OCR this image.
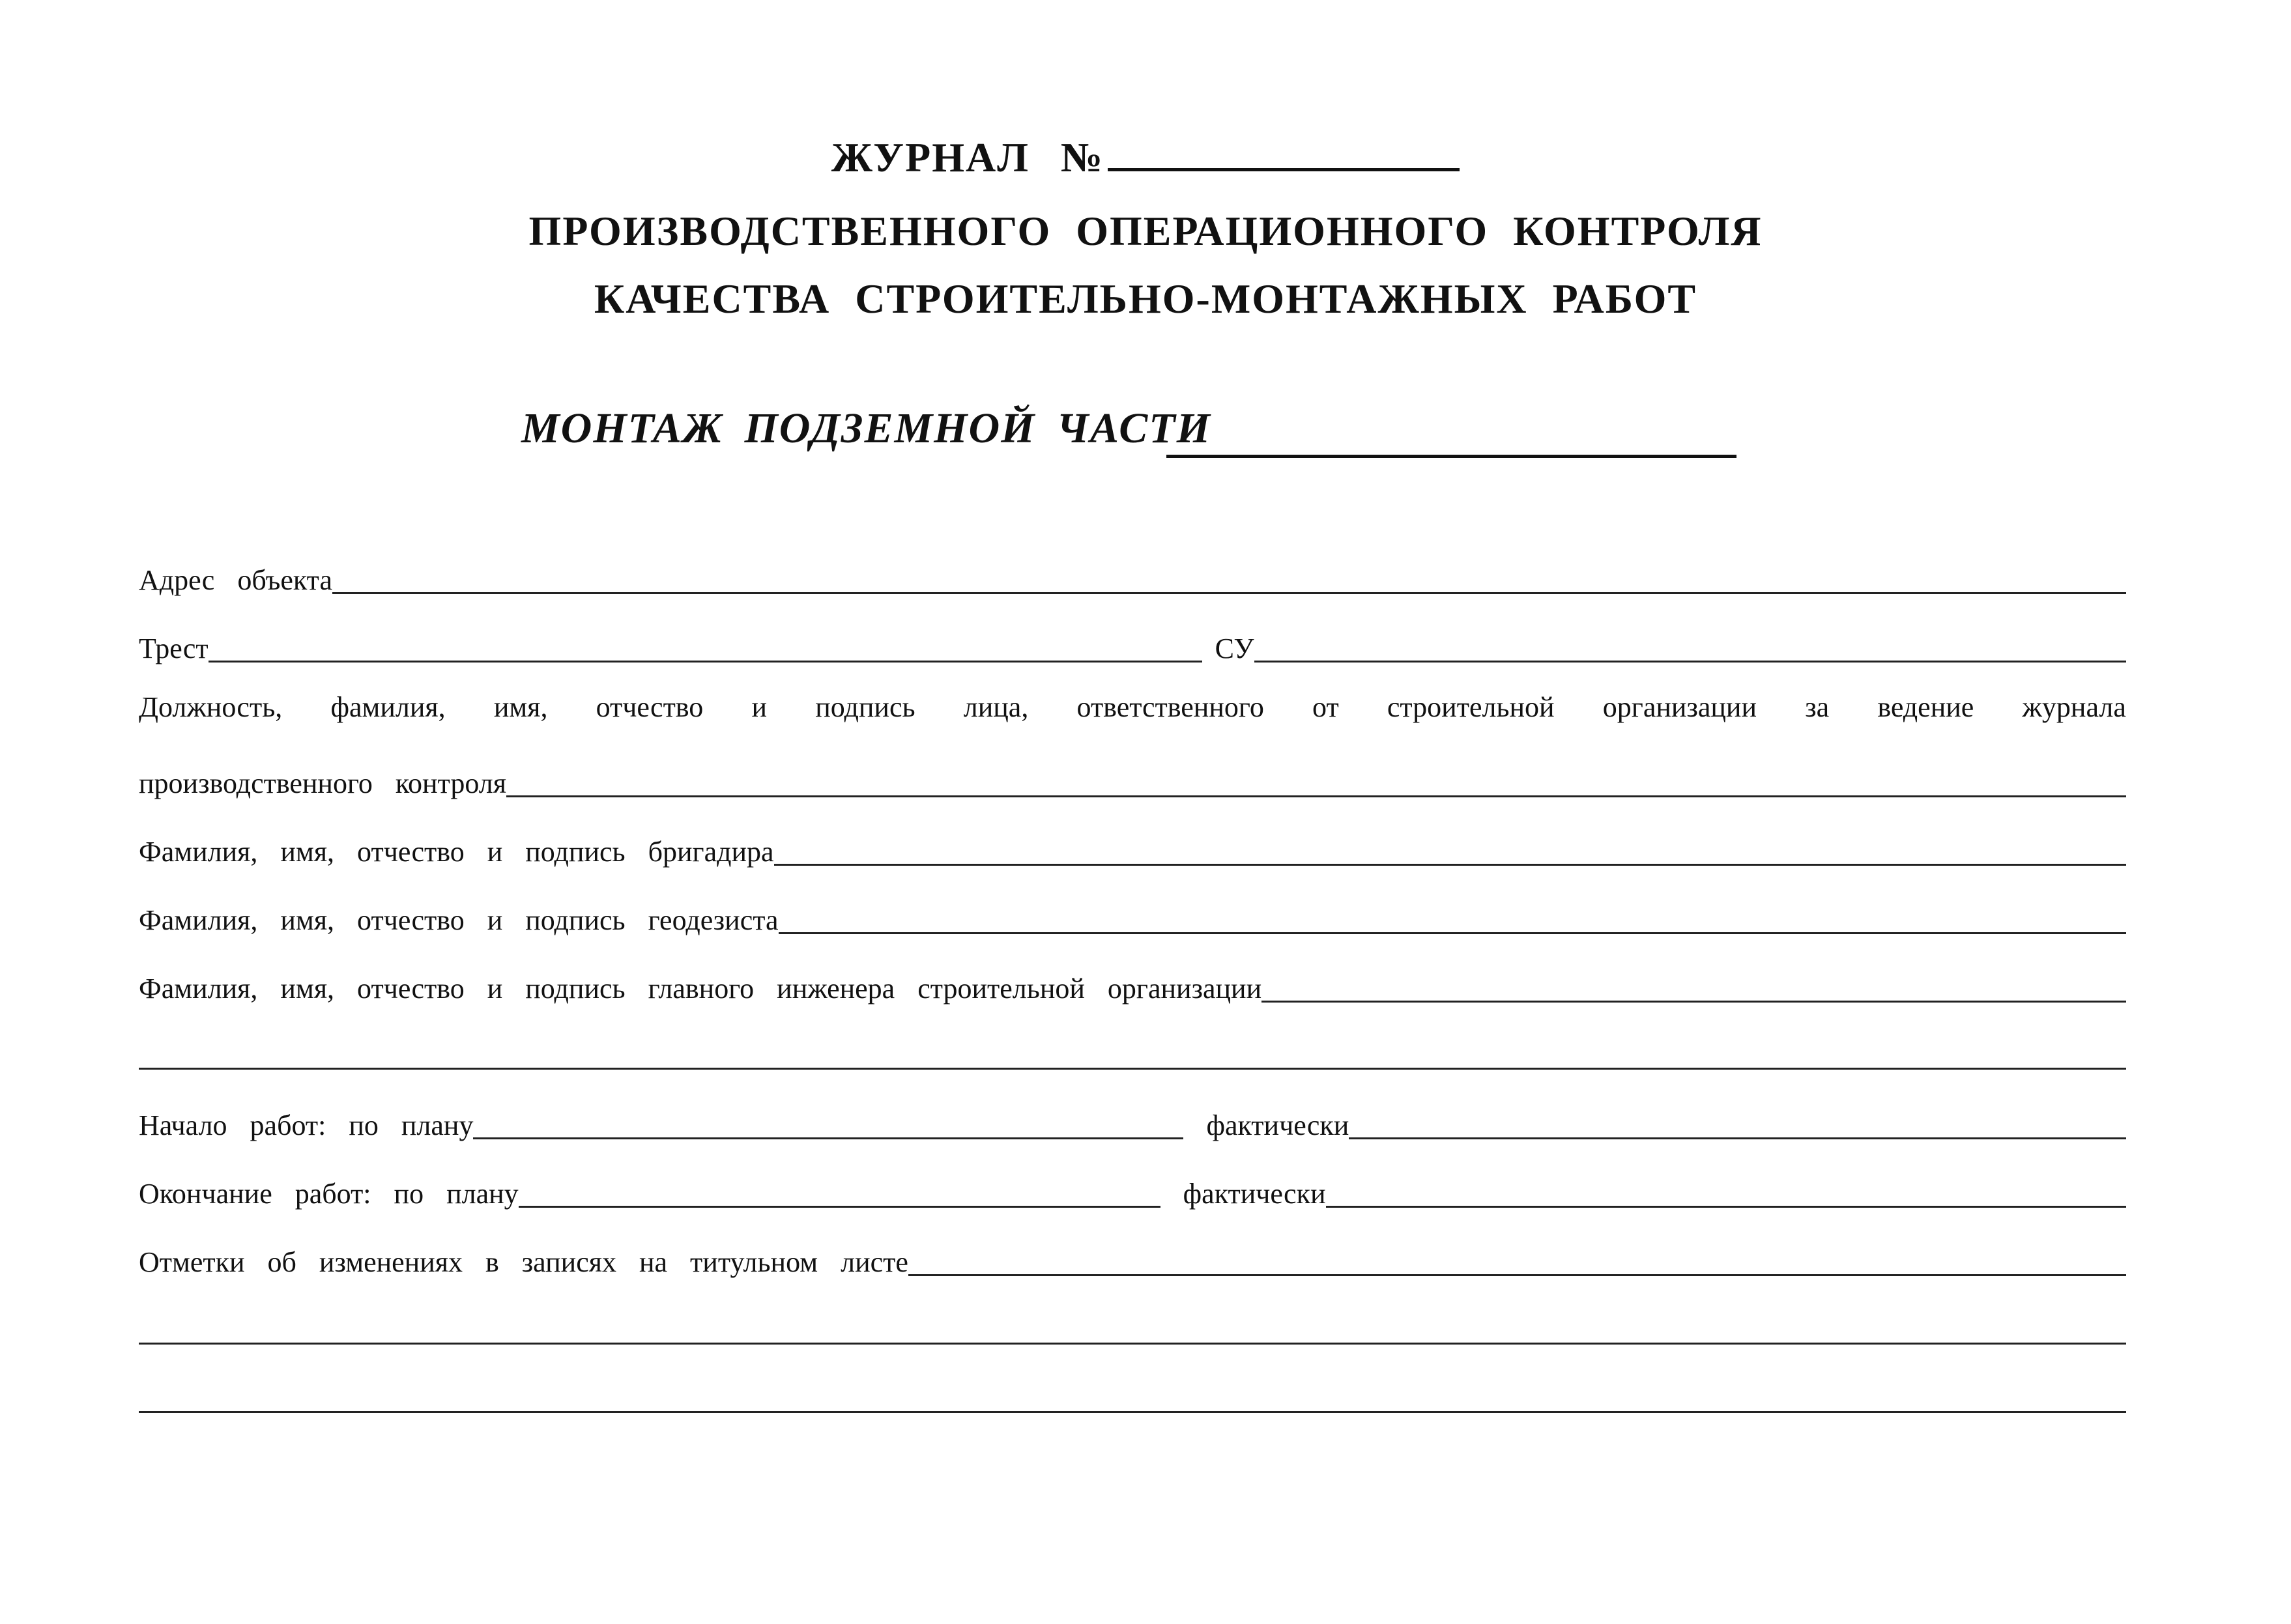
ЖУРНАЛ №
ПРОИЗВОДСТВЕННОГО ОПЕРАЦИОННОГО КОНТРОЛЯ
КАЧЕСТВА СТРОИТЕЛЬНО-МОНТАЖНЫХ РАБОТ
МОНТАЖ ПОДЗЕМНОЙ ЧАСТИ
Адрес объекта
Трест	СУ
Должность, фамилия, имя, отчество и подпись лица, ответственного от строительной организации за ведение журнала
производственного контроля
Фамилия, имя, отчество и подпись бригадира
Фамилия, имя, отчество и подпись геодезиста
Фамилия, имя, отчество и подпись главного инженера строительной организации
Начало работ: по плану	фактически
Окончание работ: по плану	фактически
Отметки об изменениях в записях на титульном листе
